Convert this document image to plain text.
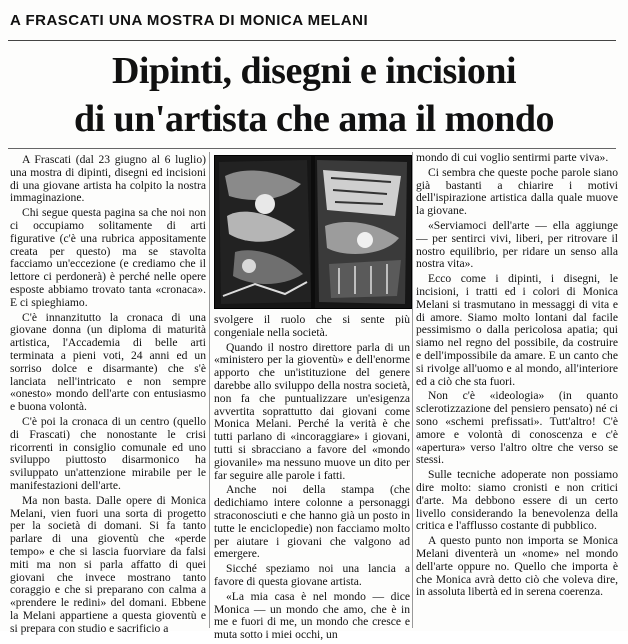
A FRASCATI UNA MOSTRA DI MONICA MELANI
Dipinti, disegni e incisioni
di un'artista che ama il mondo

A Frascati (dal 23 giugno al 6 luglio) una mostra di dipinti, disegni ed incisioni di una giovane artista ha colpito la nostra immaginazione.

Chi segue questa pagina sa che noi non ci occupiamo solitamente di arti figurative (c'è una rubrica appositamente creata per questo) ma se stavolta facciamo un'eccezione (e crediamo che il lettore ci perdonerà) è perché nelle opere esposte abbiamo trovato tanta «cronaca». E ci spieghiamo.

C'è innanzitutto la cronaca di una giovane donna (un diploma di maturità artistica, l'Accademia di belle arti terminata a pieni voti, 24 anni ed un sorriso dolce e disarmante) che s'è lanciata nell'intricato e non sempre «onesto» mondo dell'arte con entusiasmo e buona volontà.

C'è poi la cronaca di un centro (quello di Frascati) che nonostante le crisi ricorrenti in consiglio comunale ed uno sviluppo piuttosto disarmonico ha sviluppato un'attenzione mirabile per le manifestazioni dell'arte.

Ma non basta. Dalle opere di Monica Melani, vien fuori una sorta di progetto per la società di domani. Si fa tanto parlare di una gioventù che «perde tempo» e che si lascia fuorviare da falsi miti ma non si parla affatto di quei giovani che invece mostrano tanto coraggio e che si preparano con calma a «prendere le redini» del domani. Ebbene la Melani appartiene a questa gioventù e si prepara con studio e sacrificio a

svolgere il ruolo che si sente più congeniale nella società.

Quando il nostro direttore parla di un «ministero per la gioventù» e dell'enorme apporto che un'istituzione del genere darebbe allo sviluppo della nostra società, non fa che puntualizzare un'esigenza avvertita soprattutto dai giovani come Monica Melani. Perché la verità è che tutti parlano di «incoraggiare» i giovani, tutti si sbracciano a favore del «mondo giovanile» ma nessuno muove un dito per far seguire alle parole i fatti.

Anche noi della stampa (che dedichiamo intere colonne a personaggi straconosciuti e che hanno già un posto in tutte le enciclopedie) non facciamo molto per aiutare i giovani che valgono ad emergere.

Sicché speziamo noi una lancia a favore di questa giovane artista.

«La mia casa è nel mondo — dice Monica — un mondo che amo, che è in me e fuori di me, un mondo che cresce e muta sotto i miei occhi, un

mondo di cui voglio sentirmi parte viva».

Ci sembra che queste poche parole siano già bastanti a chiarire i motivi dell'ispirazione artistica dalla quale muove la giovane.

«Serviamoci dell'arte — ella aggiunge — per sentirci vivi, liberi, per ritrovare il nostro equilibrio, per ridare un senso alla nostra vita».

Ecco come i dipinti, i disegni, le incisioni, i tratti ed i colori di Monica Melani si trasmutano in messaggi di vita e di amore. Siamo molto lontani dal facile pessimismo o dalla pericolosa apatia; qui siamo nel regno del possibile, da costruire e dell'impossibile da amare. E un canto che si rivolge all'uomo e al mondo, all'interiore ed a ciò che sta fuori.

Non c'è «ideologia» (in quanto sclerotizzazione del pensiero pensato) né ci sono «schemi prefissati». Tutt'altro! C'è amore e volontà di conoscenza e c'è «apertura» verso l'altro oltre che verso se stessi.

Sulle tecniche adoperate non possiamo dire molto: siamo cronisti e non critici d'arte. Ma debbono essere di un certo livello considerando la benevolenza della critica e l'afflusso costante di pubblico.

A questo punto non importa se Monica Melani diventerà un «nome» nel mondo dell'arte oppure no. Quello che importa è che Monica avrà detto ciò che voleva dire, in assoluta libertà ed in serena coerenza.
